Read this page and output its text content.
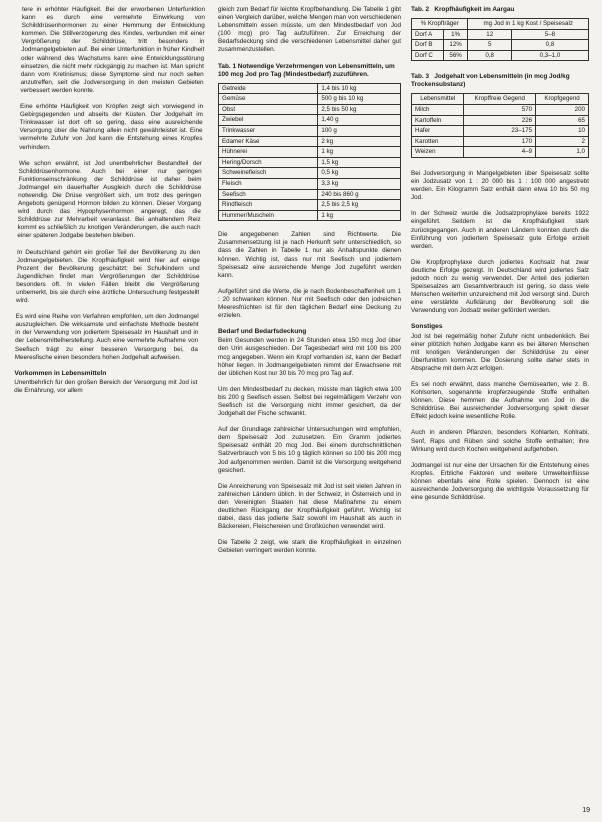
tere in erhöhter Häufigkeit. Bei der erworbenen Unterfunktion kann es durch eine vermehrte Einwirkung von Schilddrüsenhormonen zu einer Hemmung der Entwicklung kommen. Die Stillverzögerung des Kindes, verbunden mit einer Vergrößerung der Schilddrüse, tritt besonders in Jodmangelgebieten auf. Bei einer Unterfunktion in früher Kindheit oder während des Wachstums kann eine Entwicklungsstörung einsetzen, die nicht mehr rückgängig zu machen ist. Man spricht dann vom Kretinismus; diese Symptome sind nur noch selten anzutreffen, seit die Jodversorgung in den meisten Gebieten verbessert werden konnte.

Eine erhöhte Häufigkeit von Kröpfen zeigt sich vorwiegend in Gebirgsgegenden und abseits der Küsten. Der Jodgehalt im Trinkwasser ist dort oft so gering, dass eine ausreichende Versorgung über die Nahrung allein nicht gewährleistet ist. Eine vermehrte Zufuhr von Jod kann die Entstehung eines Kropfes verhindern.

Wie schon erwähnt, ist Jod unentbehrlicher Bestandteil der Schilddrüsenhormone. Auch bei einer nur geringen Funktionseinschränkung der Schilddrüse ist daher beim Jodmangel ein dauerhafter Ausgleich durch die Schilddrüse notwendig. Die Drüse vergrößert sich, um trotz des geringen Angebots genügend Hormon bilden zu können. Dieser Vorgang wird durch das Hypophysenhormon angeregt, das die Schilddrüse zur Mehrarbeit veranlasst. Bei anhaltendem Reiz kommt es schließlich zu knotigen Veränderungen, die auch nach einer späteren Jodgabe bestehen bleiben.

In Deutschland gehört ein großer Teil der Bevölkerung zu den Jodmangelgebieten. Die Kropfhäufigkeit wird hier auf einige Prozent der Bevölkerung geschätzt; bei Schulkindern und Jugendlichen findet man Vergrößerungen der Schilddrüse besonders oft. In vielen Fällen bleibt die Vergrößerung unbemerkt, bis sie durch eine ärztliche Untersuchung festgestellt wird.

Es wird eine Reihe von Verfahren empfohlen, um den Jodmangel auszugleichen. Die wirksamste und einfachste Methode besteht in der Verwendung von jodiertem Speisesalz im Haushalt und in der Lebensmittelherstellung. Auch eine vermehrte Aufnahme von Seefisch trägt zu einer besseren Versorgung bei, da Meeresfische einen besonders hohen Jodgehalt aufweisen.

Vorkommen in Lebensmitteln

Unentbehrlich für den großen Bereich der Versorgung mit Jod ist die Ernährung, vor allem

gleich zum Bedarf für leichte Kropfbehandlung. Die Tabelle 1 gibt einen Vergleich darüber, welche Mengen man von verschiedenen Lebensmitteln essen müsste, um den Mindestbedarf von Jod (100 mcg) pro Tag aufzuführen. Zur Erreichung der Bedarfsdeckung sind die verschiedenen Lebensmittel daher gut zusammenzustellen.

Tab. 1 Notwendige Verzehrmengen von Lebensmitteln, um 100 mcg Jod pro Tag (Mindestbedarf) zuzuführen.
Getreide	1,4 bis 10 kg
Gemüse	500 g bis 10 kg
Obst	2,5 bis 50 kg
Zwiebel	1,40 g
Trinkwasser	100 g
Edamer Käse	2 kg
Hühnerei	1 kg
Hering/Dorsch	1,5 kg
Schweinefleisch	0,5 kg
Fleisch	3,3 kg
Seefisch	240 bis 860 g
Rindfleisch	2,5 bis 2,5 kg
Hummer/Muscheln	1 kg

Die angegebenen Zahlen sind Richtwerte. Die Zusammensetzung ist je nach Herkunft sehr unterschiedlich, so dass die Zahlen in Tabelle 1 nur als Anhaltspunkte dienen können. Wichtig ist, dass nur mit Seefisch und jodiertem Speisesalz eine ausreichende Menge Jod zugeführt werden kann.

Aufgeführt sind die Werte, die je nach Bodenbeschaffenheit um 1 : 20 schwanken können. Nur mit Seefisch oder den jodreichen Meeresfrüchten ist für den täglichen Bedarf eine Deckung zu erzielen.

Bedarf und Bedarfsdeckung

Beim Gesunden werden in 24 Stunden etwa 150 mcg Jod über den Urin ausgeschieden. Der Tagesbedarf wird mit 100 bis 200 mcg angegeben. Wenn ein Kropf vorhanden ist, kann der Bedarf höher liegen. In Jodmangelgebieten nimmt der Erwachsene mit der üblichen Kost nur 30 bis 70 mcg pro Tag auf.

Um den Mindestbedarf zu decken, müsste man täglich etwa 100 bis 200 g Seefisch essen. Selbst bei regelmäßigem Verzehr von Seefisch ist die Versorgung nicht immer gesichert, da der Jodgehalt der Fische schwankt.

Auf der Grundlage zahlreicher Untersuchungen wird empfohlen, dem Speisesalz Jod zuzusetzen. Ein Gramm jodiertes Speisesalz enthält 20 mcg Jod. Bei einem durchschnittlichen Salzverbrauch von 5 bis 10 g täglich können so 100 bis 200 mcg Jod aufgenommen werden. Damit ist die Versorgung weitgehend gesichert.

Die Anreicherung von Speisesalz mit Jod ist seit vielen Jahren in zahlreichen Ländern üblich. In der Schweiz, in Österreich und in den Vereinigten Staaten hat diese Maßnahme zu einem deutlichen Rückgang der Kropfhäufigkeit geführt. Wichtig ist dabei, dass das jodierte Salz sowohl im Haushalt als auch in Bäckereien, Fleischereien und Großküchen verwendet wird.

Die Tabelle 2 zeigt, wie stark die Kropfhäufigkeit in einzelnen Gebieten verringert werden konnte.

Tab. 2 Kropfhäufigkeit im Aargau
% Kropfträger		mg Jod in 1 kg Kost / Speisesalz	
Dorf A	1%	12	5–8
Dorf B	12%	5	0,8
Dorf C	56%	0,8	0,3–1,0
Tab. 3 Jodgehalt von Lebensmitteln (in mcg Jod/kg Trockensubstanz)
Lebensmittel	Kropffreie Gegend	Kropfgegend
Milch	570	200
Kartoffeln	226	65
Hafer	23–175	10
Karotten	170	2
Weizen	4–9	1,0

Bei Jodversorgung in Mangelgebieten über Speisesalz sollte ein Jodzusatz von 1 : 20 000 bis 1 : 100 000 angestrebt werden. Ein Kilogramm Salz enthält dann etwa 10 bis 50 mg Jod.

In der Schweiz wurde die Jodsalzprophylaxe bereits 1922 eingeführt. Seitdem ist die Kropfhäufigkeit stark zurückgegangen. Auch in anderen Ländern konnten durch die Einführung von jodiertem Speisesalz gute Erfolge erzielt werden.

Die Kropfprophylaxe durch jodiertes Kochsalz hat zwar deutliche Erfolge gezeigt. In Deutschland wird jodiertes Salz jedoch noch zu wenig verwendet. Der Anteil des jodierten Speisesalzes am Gesamtverbrauch ist gering, so dass viele Menschen weiterhin unzureichend mit Jod versorgt sind. Durch eine verstärkte Aufklärung der Bevölkerung soll die Verwendung von Jodsalz weiter gefördert werden.

Sonstiges

Jod ist bei regelmäßig hoher Zufuhr nicht unbedenklich. Bei einer plötzlich hohen Jodgabe kann es bei älteren Menschen mit knotigen Veränderungen der Schilddrüse zu einer Überfunktion kommen. Die Dosierung sollte daher stets in Absprache mit dem Arzt erfolgen.

Es sei noch erwähnt, dass manche Gemüsearten, wie z. B. Kohlsorten, sogenannte kropferzeugende Stoffe enthalten können. Diese hemmen die Aufnahme von Jod in die Schilddrüse. Bei ausreichender Jodversorgung spielt dieser Effekt jedoch keine wesentliche Rolle.

Auch in anderen Pflanzen, besonders Kohlarten, Kohlrabi, Senf, Raps und Rüben sind solche Stoffe enthalten; ihre Wirkung wird durch Kochen weitgehend aufgehoben.

Jodmangel ist nur eine der Ursachen für die Entstehung eines Kropfes. Erbliche Faktoren und weitere Umwelteinflüsse können ebenfalls eine Rolle spielen. Dennoch ist eine ausreichende Jodversorgung die wichtigste Voraussetzung für eine gesunde Schilddrüse.

19
